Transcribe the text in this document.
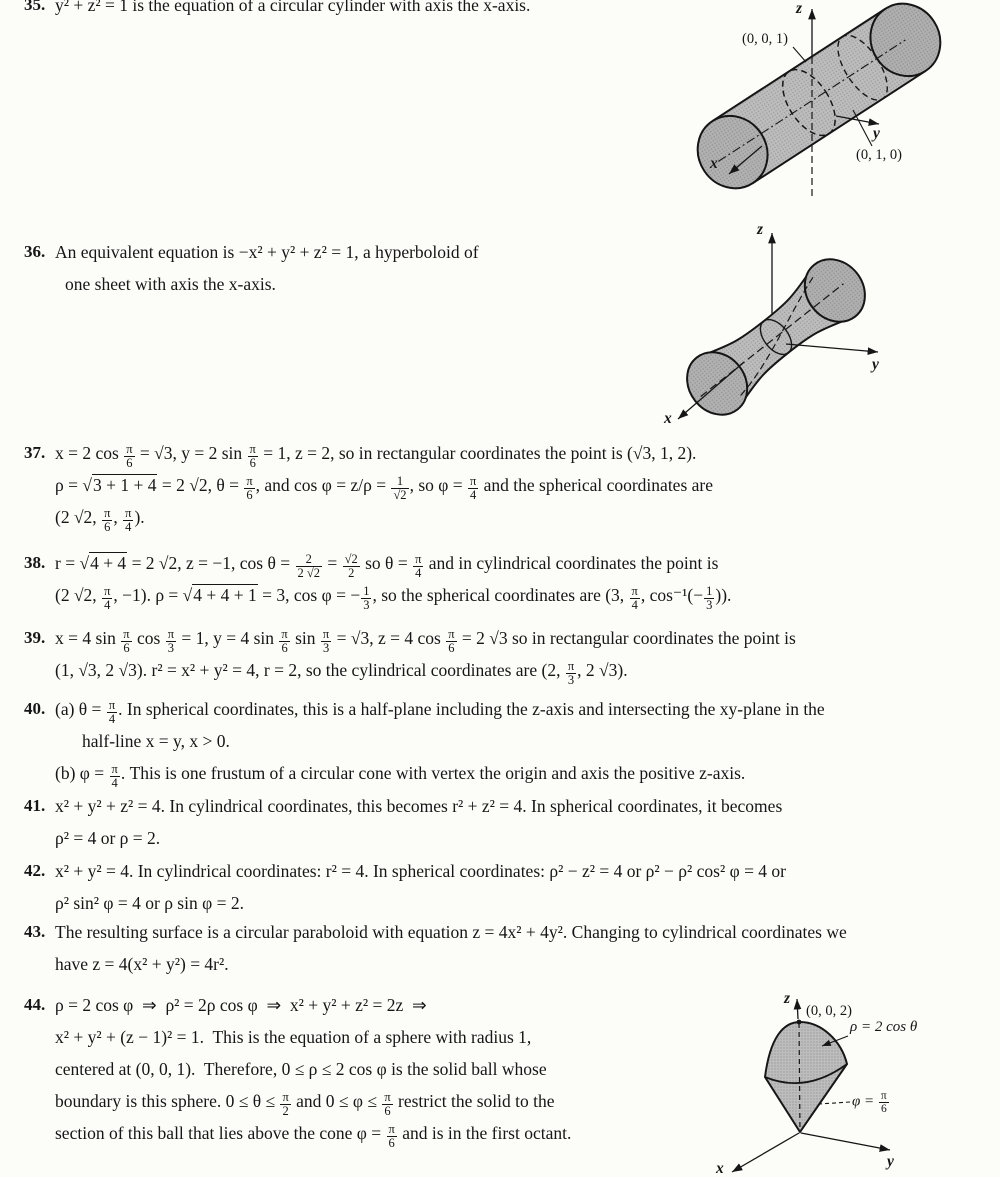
35. y² + z² = 1 is the equation of a circular cylinder with axis the x-axis.
36. An equivalent equation is −x² + y² + z² = 1, a hyperboloid of
one sheet with axis the x-axis.
37. x = 2 $\cos \frac{\pi}{6} = √3$, y = 2 $\sin \frac{\pi}{6} = 1$, z = 2, so in rectangular coordinates the point is (√3, 1, 2).
ρ = √3 + 1 + 4 = 2 √2, $\theta = \frac{\pi}{6}$ , and $\cos \varphi = z/\rho = \frac{1}{√2}$ , so $\varphi = \frac{\pi}{4}$ and the spherical coordinates are
(2 √2, $\frac{\pi}{6}$ , $\frac{\pi}{4}$ ).
38. r = √4 + 4 = 2 √2, z = −1, $\cos \theta = \frac{2}{2 √2} = \frac{√2}{2}$ so $\theta = \frac{\pi}{4}$ and in cylindrical coordinates the point is
(2 √2, $\frac{\pi}{4}$ , −1). ρ = √4 + 4 + 1 = 3, cos φ = − $\frac{1}{3}$ , so the spherical coordinates are (3, $\frac{\pi}{4}$ , $\cos^{-1}(- \frac{1}{3}$ )).
39. x = 4 $\sin \frac{\pi}{6}$ $\cos \frac{\pi}{3} = 1$, y = 4 $\sin \frac{\pi}{6}$ $\sin \frac{\pi}{3} = √3$, z = 4 $\cos \frac{\pi}{6} = 2$ √3 so in rectangular coordinates the point is
(1, √3, 2 √3). r² = x² + y² = 4, r = 2, so the cylindrical coordinates are (2, $\frac{\pi}{3}$ , 2 √3).
40. (a) $\theta = \frac{\pi}{4}$ . In spherical coordinates, this is a half-plane including the z-axis and intersecting the xy-plane in the
half-line x = y, x > 0.
(b) $\varphi = \frac{\pi}{4}$ . This is one frustum of a circular cone with vertex the origin and axis the positive z-axis.
41. x² + y² + z² = 4. In cylindrical coordinates, this becomes r² + z² = 4. In spherical coordinates, it becomes
ρ² = 4 or ρ = 2.
42. x² + y² = 4. In cylindrical coordinates: r² = 4. In spherical coordinates: ρ² − z² = 4 or ρ² − ρ² cos² φ = 4 or
ρ² sin² φ = 4 or ρ sin φ = 2.
43. The resulting surface is a circular paraboloid with equation z = 4x² + 4y². Changing to cylindrical coordinates we
have z = 4(x² + y²) = 4r².
44. ρ = 2 cos φ  ⇒  ρ² = 2ρ cos φ  ⇒  x² + y² + z² = 2z  ⇒
x² + y² + (z − 1)² = 1.  This is the equation of a sphere with radius 1,
centered at (0, 0, 1).  Therefore, 0 ≤ ρ ≤ 2 cos φ is the solid ball whose
boundary is this sphere. $0 \le \theta \le \frac{\pi}{2}$ and $0 \le \varphi \le \frac{\pi}{6}$ restrict the solid to the
section of this ball that lies above the cone $\varphi = \frac{\pi}{6}$ and is in the first octant.
z
(0, 0, 1)
y
(0, 1, 0)
x
z
y
x
z
(0, 0, 2)
ρ = 2 cos θ
$\varphi = \frac{\pi}{6}$
y
x
